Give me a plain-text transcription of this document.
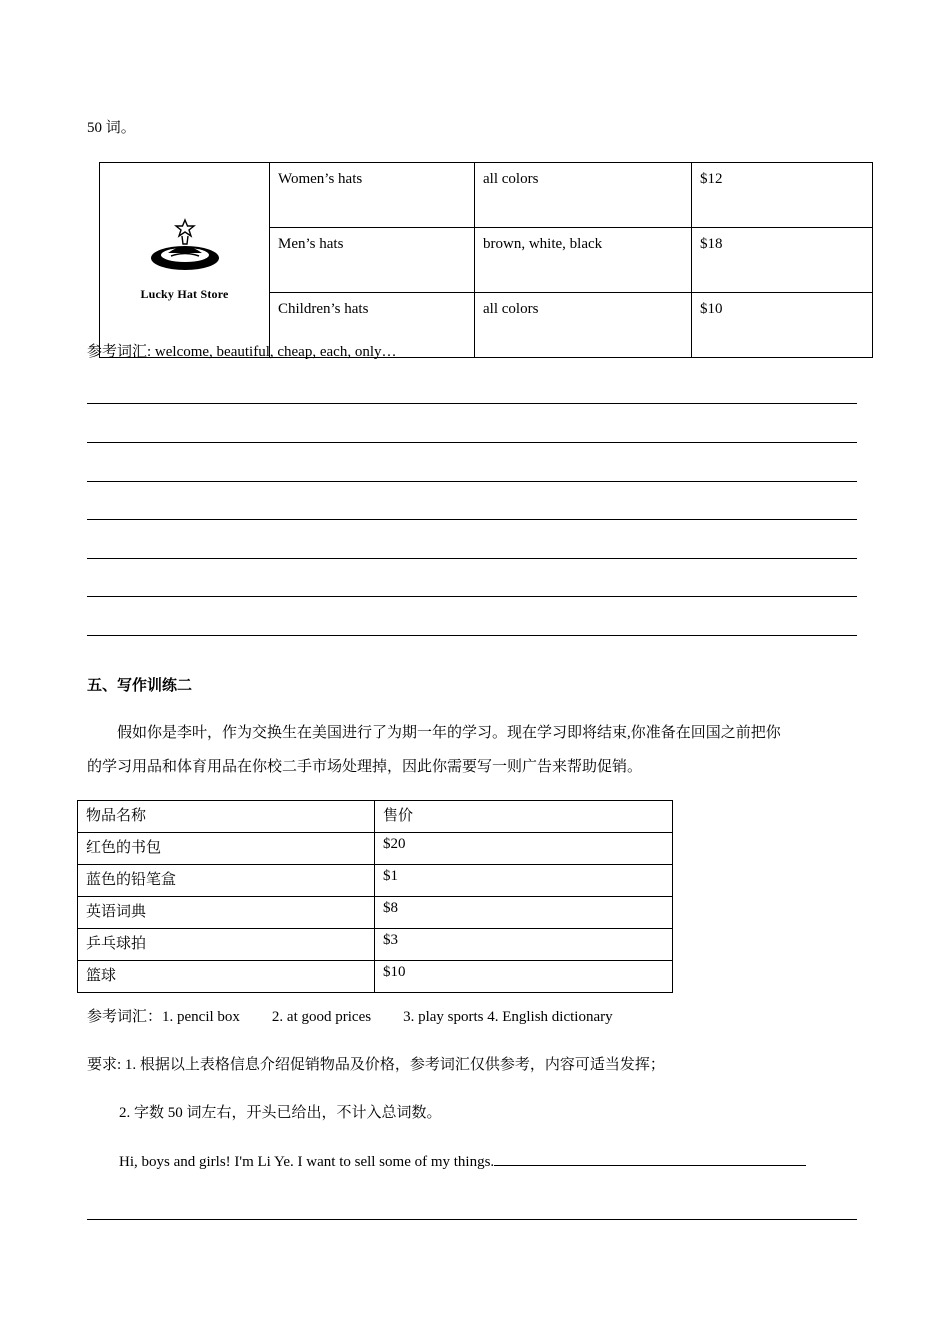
50 词。
Lucky Hat Store	Women’s hats	all colors	$12
	Men’s hats	brown, white, black	$18
	Children’s hats	all colors	$10
参考词汇: welcome, beautiful, cheap, each, only…
五、写作训练二
假如你是李叶，作为交换生在美国进行了为期一年的学习。现在学习即将结束,你准备在回国之前把你
的学习用品和体育用品在你校二手市场处理掉，因此你需要写一则广告来帮助促销。
物品名称	售价
红色的书包	$20
蓝色的铅笔盒	$1
英语词典	$8
乒乓球拍	$3
篮球	$10
参考词汇：1. pencil box 2. at good prices 3. play sports 4. English dictionary
要求: 1. 根据以上表格信息介绍促销物品及价格，参考词汇仅供参考，内容可适当发挥；
2. 字数 50 词左右，开头已给出，不计入总词数。
Hi, boys and girls! I'm Li Ye. I want to sell some of my things.
